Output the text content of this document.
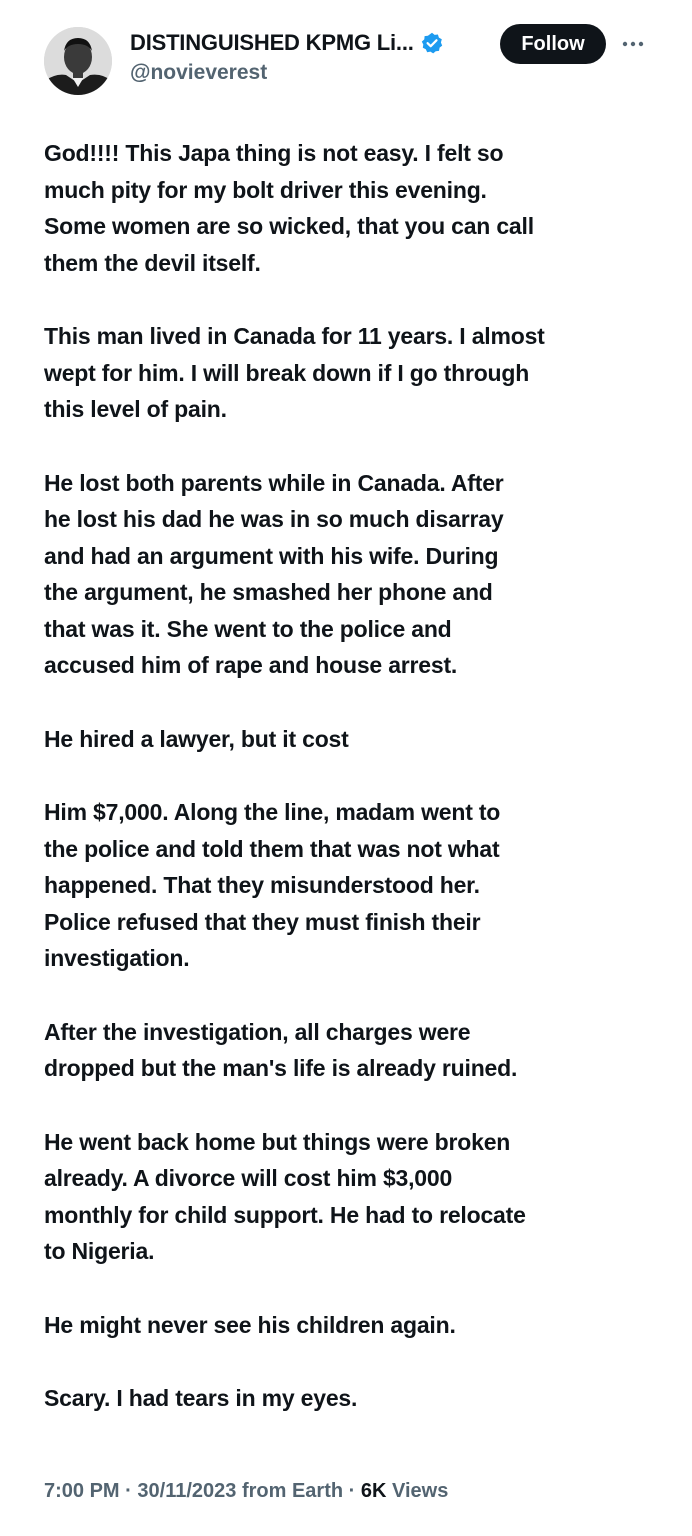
DISTINGUISHED KPMG Li...
@novieverest
Follow

God!!!! This Japa thing is not easy. I felt so
much pity for my bolt driver this evening.
Some women are so wicked, that you can call
them the devil itself.

This man lived in Canada for 11 years. I almost
wept for him. I will break down if I go through
this level of pain.

He lost both parents while in Canada. After
he lost his dad he was in so much disarray
and had an argument with his wife. During
the argument, he smashed her phone and
that was it. She went to the police and
accused him of rape and house arrest.

He hired a lawyer, but it cost

Him $7,000. Along the line, madam went to
the police and told them that was not what
happened. That they misunderstood her.
Police refused that they must finish their
investigation.

After the investigation, all charges were
dropped but the man's life is already ruined.

He went back home but things were broken
already. A divorce will cost him $3,000
monthly for child support. He had to relocate
to Nigeria.

He might never see his children again.

Scary. I had tears in my eyes.

7:00 PM · 30/11/2023 from Earth · 6K Views
